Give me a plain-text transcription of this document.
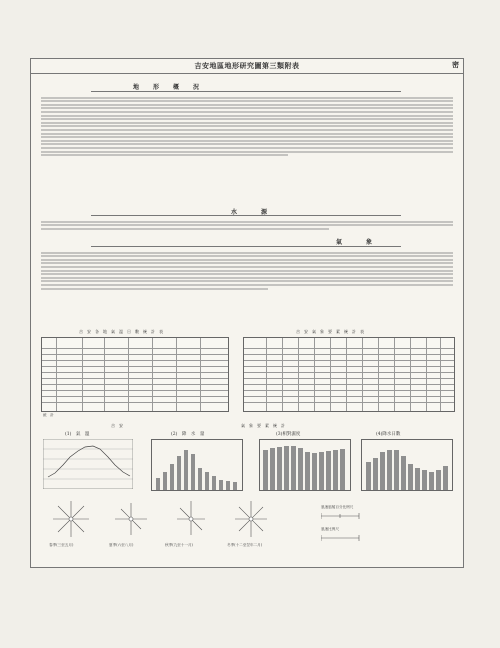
吉安地區地形研究圖第三類附表	密
地　形　概　況
水　　源
氣　　象
吉　安　各　地　氣　溫　日　數　統　計　表	吉　安　氣　象　要　素　統　計　表
統　計
吉　安	氣　象　要　素　統　計
(1)　氣　溫	(2)　降　水　量	(3)相對濕度	(4)降水日數
春季(三至五月)	夏季(六至八月)	秋季(九至十一月)	冬季(十二至翌年二月)
風速風頻百分比例尺
風速比例尺
